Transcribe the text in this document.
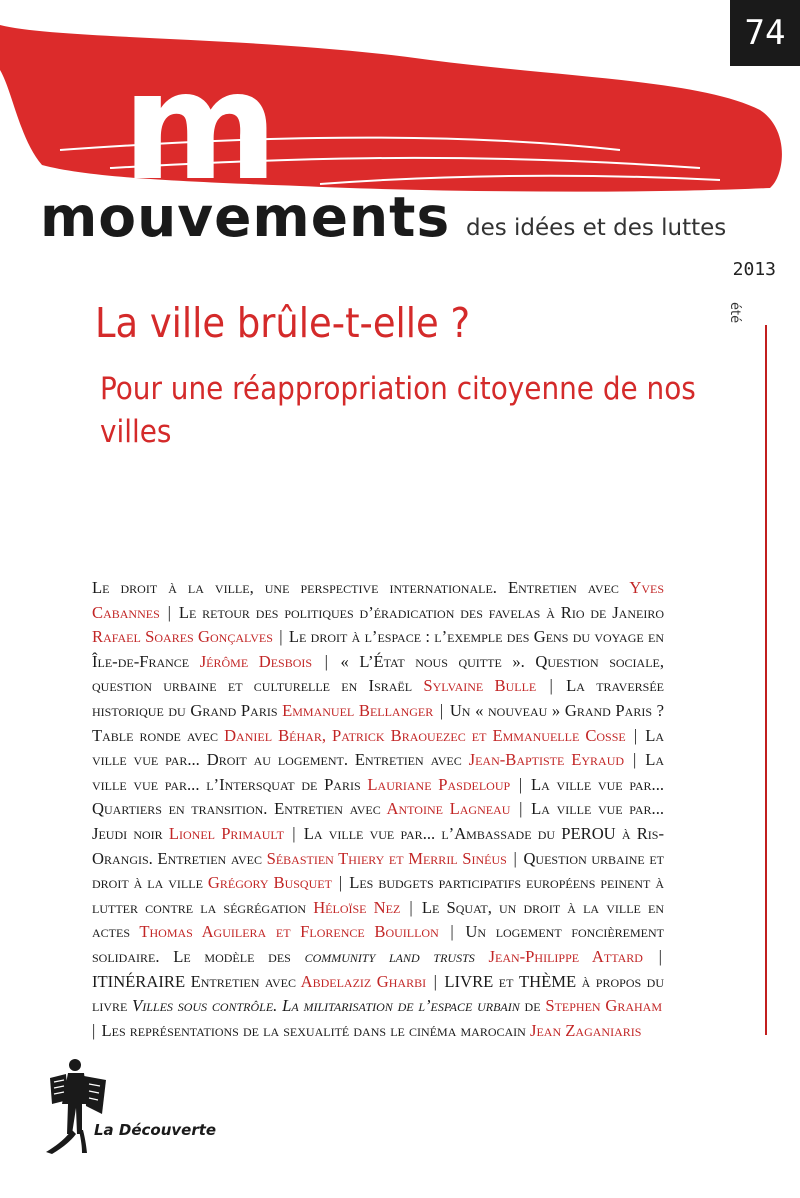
m
74
mouvements des idées et des luttes
2013
été
La ville brûle-t-elle ?
Pour une réappropriation citoyenne de nos villes
Le droit à la ville, une perspective internationale. Entretien avec Yves Cabannes | Le retour des politiques d’éradication des favelas à Rio de Janeiro Rafael Soares Gonçalves | Le droit à l’espace : l’exemple des Gens du voyage en Île-de-France Jérôme Desbois | « L’État nous quitte ». Question sociale, question urbaine et culturelle en Israël Sylvaine Bulle | La traversée historique du Grand Paris Emmanuel Bellanger | Un « nouveau » Grand Paris ? Table ronde avec Daniel Béhar, Patrick Braouezec et Emmanuelle Cosse | La ville vue par... Droit au logement. Entretien avec Jean-Baptiste Eyraud | La ville vue par... l’Intersquat de Paris Lauriane Pasdeloup | La ville vue par... Quartiers en transition. Entretien avec Antoine Lagneau | La ville vue par... Jeudi noir Lionel Primault | La ville vue par... l’Ambassade du PEROU à Ris-Orangis. Entretien avec Sébastien Thiery et Merril Sinéus | Question urbaine et droit à la ville Grégory Busquet | Les budgets participatifs européens peinent à lutter contre la ségrégation Héloïse Nez | Le Squat, un droit à la ville en actes Thomas Aguilera et Florence Bouillon | Un logement foncièrement solidaire. Le modèle des community land trusts Jean-Philippe Attard | ITINÉRAIRE Entretien avec Abdelaziz Gharbi | LIVRE et THÈME à propos du livre Villes sous contrôle. La militarisation de l’espace urbain de Stephen Graham | Les représentations de la sexualité dans le cinéma marocain Jean Zaganiaris
La Découverte
